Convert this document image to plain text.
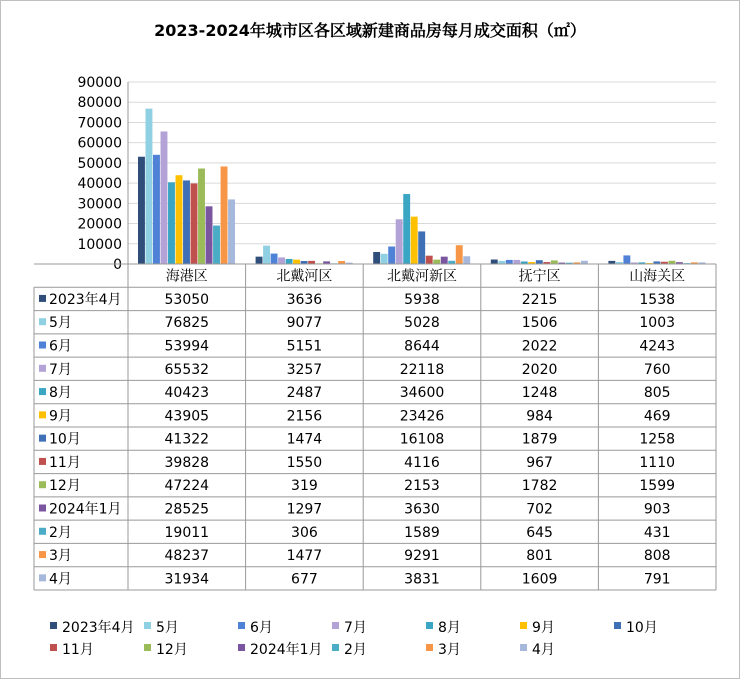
2023-2024年城市区各区域新建商品房每月成交面积（㎡）
0
10000
20000
30000
40000
50000
60000
70000
80000
90000
海港区	北戴河区	北戴河新区	抚宁区	山海关区
2023年4月	53050	3636	5938	2215	1538
5月	76825	9077	5028	1506	1003
6月	53994	5151	8644	2022	4243
7月	65532	3257	22118	2020	760
8月	40423	2487	34600	1248	805
9月	43905	2156	23426	984	469
10月	41322	1474	16108	1879	1258
11月	39828	1550	4116	967	1110
12月	47224	319	2153	1782	1599
2024年1月	28525	1297	3630	702	903
2月	19011	306	1589	645	431
3月	48237	1477	9291	801	808
4月	31934	677	3831	1609	791
2023年4月 5月	6月	7月	8月	9月	10月
11月	12月	2024年1月 2月	3月	4月
